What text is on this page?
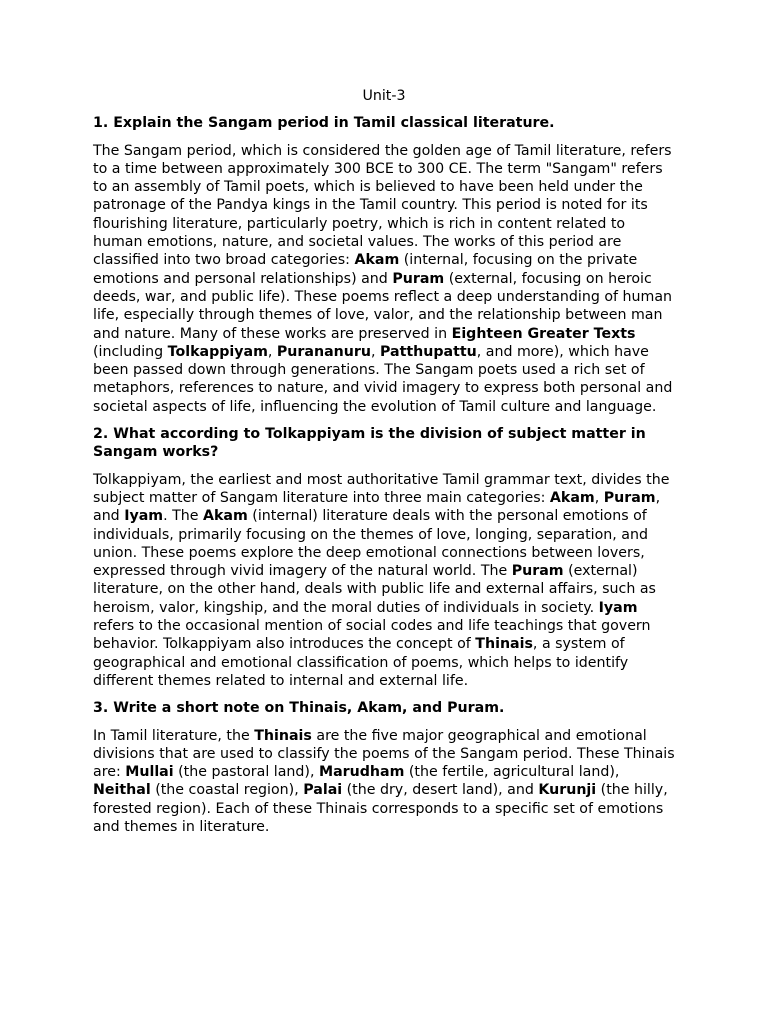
Unit-3
1. Explain the Sangam period in Tamil classical literature.
The Sangam period, which is considered the golden age of Tamil literature, refers to a time between approximately 300 BCE to 300 CE. The term "Sangam" refers to an assembly of Tamil poets, which is believed to have been held under the patronage of the Pandya kings in the Tamil country. This period is noted for its flourishing literature, particularly poetry, which is rich in content related to human emotions, nature, and societal values. The works of this period are classified into two broad categories: Akam (internal, focusing on the private emotions and personal relationships) and Puram (external, focusing on heroic deeds, war, and public life). These poems reflect a deep understanding of human life, especially through themes of love, valor, and the relationship between man and nature. Many of these works are preserved in Eighteen Greater Texts (including Tolkappiyam, Purananuru, Patthupattu, and more), which have been passed down through generations. The Sangam poets used a rich set of metaphors, references to nature, and vivid imagery to express both personal and societal aspects of life, influencing the evolution of Tamil culture and language.
2. What according to Tolkappiyam is the division of subject matter in Sangam works?
Tolkappiyam, the earliest and most authoritative Tamil grammar text, divides the subject matter of Sangam literature into three main categories: Akam, Puram, and Iyam. The Akam (internal) literature deals with the personal emotions of individuals, primarily focusing on the themes of love, longing, separation, and union. These poems explore the deep emotional connections between lovers, expressed through vivid imagery of the natural world. The Puram (external) literature, on the other hand, deals with public life and external affairs, such as heroism, valor, kingship, and the moral duties of individuals in society. Iyam refers to the occasional mention of social codes and life teachings that govern behavior. Tolkappiyam also introduces the concept of Thinais, a system of geographical and emotional classification of poems, which helps to identify different themes related to internal and external life.
3. Write a short note on Thinais, Akam, and Puram.
In Tamil literature, the Thinais are the five major geographical and emotional divisions that are used to classify the poems of the Sangam period. These Thinais are: Mullai (the pastoral land), Marudham (the fertile, agricultural land), Neithal (the coastal region), Palai (the dry, desert land), and Kurunji (the hilly, forested region). Each of these Thinais corresponds to a specific set of emotions and themes in literature.
